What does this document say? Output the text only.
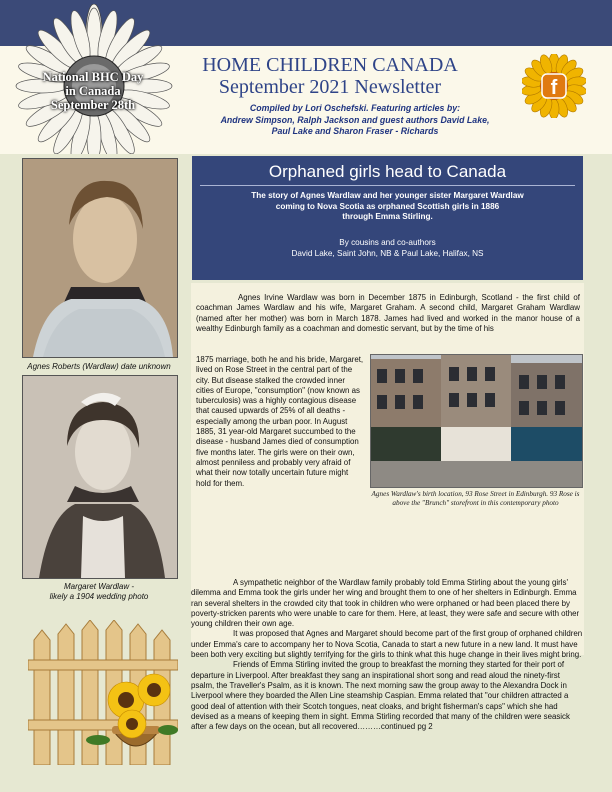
National BHC Day
in Canada
September 28th
HOME CHILDREN CANADA
September 2021 Newsletter
Compiled by Lori Oschefski. Featuring articles by:
Andrew Simpson, Ralph Jackson and guest authors David Lake,
Paul Lake and Sharon Fraser - Richards
f
Agnes Roberts (Wardlaw) date unknown
Margaret Wardlaw -
likely a 1904 wedding photo
Orphaned girls head to Canada
The story of Agnes Wardlaw and her younger sister Margaret Wardlaw
coming to Nova Scotia as orphaned Scottish girls in 1886
through Emma Stirling.
By cousins and co-authors
David Lake, Saint John, NB & Paul Lake, Halifax, NS
Agnes Irvine Wardlaw was born in December 1875 in Edinburgh, Scotland - the first child of coachman James Wardlaw and his wife, Margaret Graham. A second child, Margaret Graham Wardlaw (named after her mother) was born in March 1878. James had lived and worked in the manor house of a wealthy Edinburgh family as a coachman and domestic servant, but by the time of his
1875 marriage, both he and his bride, Margaret, lived on Rose Street in the central part of the city. But disease stalked the crowded inner cities of Europe, "consumption" (now known as tuberculosis) was a highly contagious disease that caused upwards of 25% of all deaths - especially among the urban poor. In August 1885, 31 year-old Margaret succumbed to the disease - husband James died of consumption five months later. The girls were on their own, almost penniless and probably very afraid of what their now totally uncertain future might hold for them.
Agnes Wardlaw's birth location, 93 Rose Street in Edinburgh. 93 Rose is above the "Brunch" storefront in this contemporary photo

A sympathetic neighbor of the Wardlaw family probably told Emma Stirling about the young girls' dilemma and Emma took the girls under her wing and brought them to one of her shelters in Edinburgh. Emma ran several shelters in the crowded city that took in children who were orphaned or had been placed there by poverty-stricken parents who were unable to care for them. Here, at least, they were safe and secure with other young children their own age.

It was proposed that Agnes and Margaret should become part of the first group of orphaned children under Emma's care to accompany her to Nova Scotia, Canada to start a new future in a new land. It must have been both very exciting but slightly terrifying for the girls to think what this huge change in their lives might bring.

Friends of Emma Stirling invited the group to breakfast the morning they started for their port of departure in Liverpool. After breakfast they sang an inspirational short song and read aloud the ninety-first psalm, the Traveller's Psalm, as it is known. The next morning saw the group away to the Alexandra Dock in Liverpool where they boarded the Allen Line steamship Caspian. Emma related that "our children attracted a good deal of attention with their Scotch tongues, neat cloaks, and bright fisherman's caps" which she had devised as a means of keeping them in sight. Emma Stirling recorded that many of the children were seasick after a few days on the ocean, but all recovered………continued pg 2
